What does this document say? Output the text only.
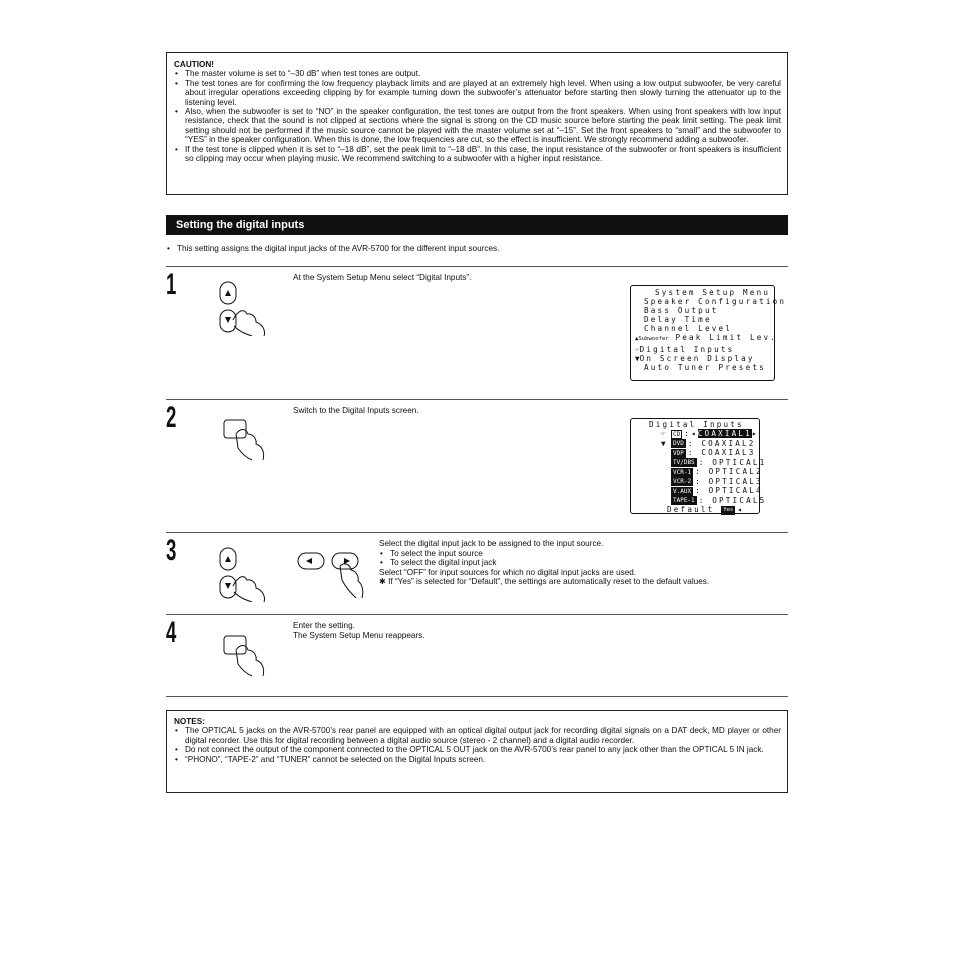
CAUTION!
• The master volume is set to “–30 dB” when test tones are output.
• The test tones are for confirming the low frequency playback limits and are played at an extremely high level. When using a low output subwoofer, be very careful about irregular operations exceeding clipping by for example turning down the subwoofer’s attenuator before starting then slowly turning the attenuator up to the listening level.
• Also, when the subwoofer is set to “NO” in the speaker configuration, the test tones are output from the front speakers. When using front speakers with low input resistance, check that the sound is not clipped at sections where the signal is strong on the CD music source before starting the peak limit setting. The peak limit setting should not be performed if the music source cannot be played with the master volume set at “–15”. Set the front speakers to “small” and the subwoofer to “YES” in the speaker configuration. When this is done, the low frequencies are cut, so the effect is insufficient. We strongly recommend adding a subwoofer.
• If the test tone is clipped when it is set to “–18 dB”, set the peak limit to “–18 dB”. In this case, the input resistance of the subwoofer or front speakers is insufficient so clipping may occur when playing music. We recommend switching to a subwoofer with a higher input resistance.
Setting the digital inputs
• This setting assigns the digital input jacks of the AVR-5700 for the different input sources.
1	At the System Setup Menu select “Digital Inputs”.
System Setup Menu
Speaker Configuration
Bass Output
Delay Time
Channel Level
▲Subwoofer Peak Limit Lev.
☞Digital Inputs
▼On Screen Display
Auto Tuner Presets
2	Switch to the Digital Inputs screen.
Digital Inputs
☞ CD :◂COAXIAL1▸
▼ DVD : COAXIAL2
VDP : COAXIAL3
TV/DBS : OPTICAL1
VCR-1 : OPTICAL2
VCR-2 : OPTICAL3
V.AUX : OPTICAL4
TAPE-1 : OPTICAL5
Default Yes ◂
3	Select the digital input jack to be assigned to the input source.
• To select the input source
• To select the digital input jack
Select “OFF” for input sources for which no digital input jacks are used.
✱ If “Yes” is selected for “Default”, the settings are automatically reset to the default values.
4	Enter the setting.
The System Setup Menu reappears.
NOTES:
• The OPTICAL 5 jacks on the AVR-5700’s rear panel are equipped with an optical digital output jack for recording digital signals on a DAT deck, MD player or other digital recorder. Use this for digital recording between a digital audio source (stereo - 2 channel) and a digital audio recorder.
• Do not connect the output of the component connected to the OPTICAL 5 OUT jack on the AVR-5700’s rear panel to any jack other than the OPTICAL 5 IN jack.
• “PHONO”, “TAPE-2” and “TUNER” cannot be selected on the Digital Inputs screen.
